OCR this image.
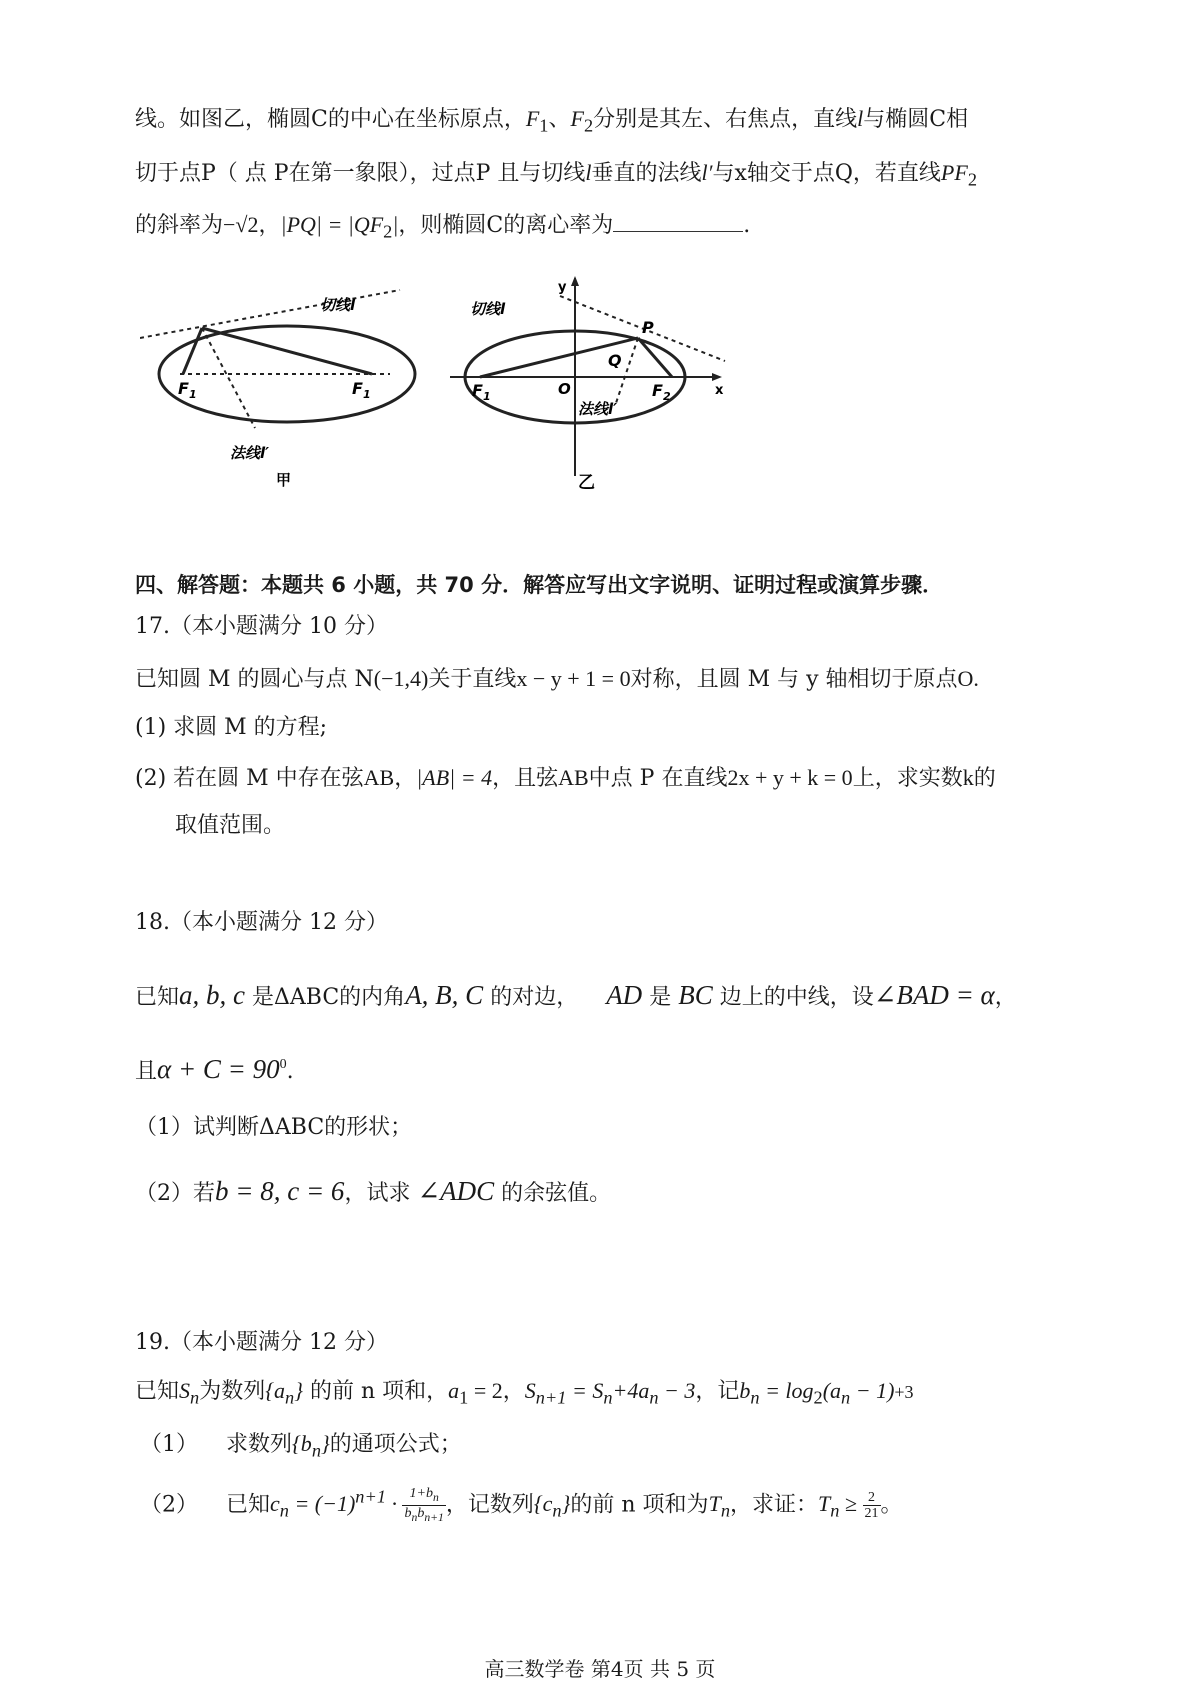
线。如图乙，椭圆C的中心在坐标原点，$F_1$、$F_2$分别是其左、右焦点，直线l与椭圆C相
切于点P（ 点 P在第一象限），过点P 且与切线l垂直的法线l′与x轴交于点Q，若直线$PF_2$
的斜率为−√2，$|PQ| = |QF_2|$，则椭圆C的离心率为	.
切线l
$F_1$	$F_1$
法线l′
甲
y
x
切线l
P
Q
O
$F_1$	$F_2$
法线l′
乙
四、解答题：本题共 6 小题，共 70 分．解答应写出文字说明、证明过程或演算步骤．
17.（本小题满分 10 分）
已知圆 M 的圆心与点 N(−1,4)关于直线x − y + 1 = 0对称，且圆 M 与 y 轴相切于原点O.
(1) 求圆 M 的方程;
(2) 若在圆 M 中存在弦AB，|AB| = 4，且弦AB中点 P 在直线2x + y + k = 0上，求实数k的
取值范围。
18.（本小题满分 12 分）
已知a, b, c 是ΔABC的内角A, B, C 的对边， AD 是 BC 边上的中线，设∠BAD = α，
且$\alpha + C = 90^0$.
（1）试判断ΔABC的形状；
（2）若b = 8, c = 6，试求 ∠ADC 的余弦值。
19.（本小题满分 12 分）
已知$S_n$为数列$\{a_n\}$ 的前 n 项和，$a_1 = 2$，$S_{n+1} = S_n+4a_n - 3$，记$b_n = \log_2(a_n - 1)+3$
（1） 求数列$\{b_n\}$的通项公式；
（2） 已知$c_n = (-1)^{n+1} \cdot \frac{1+b_n}{b_nb_{n+1}}$ ，记数列$\{c_n\}$的前 n 项和为$T_n$，求证：$T_n \ge \frac{2}{21}$ 。
高三数学卷 第4页 共 5 页
